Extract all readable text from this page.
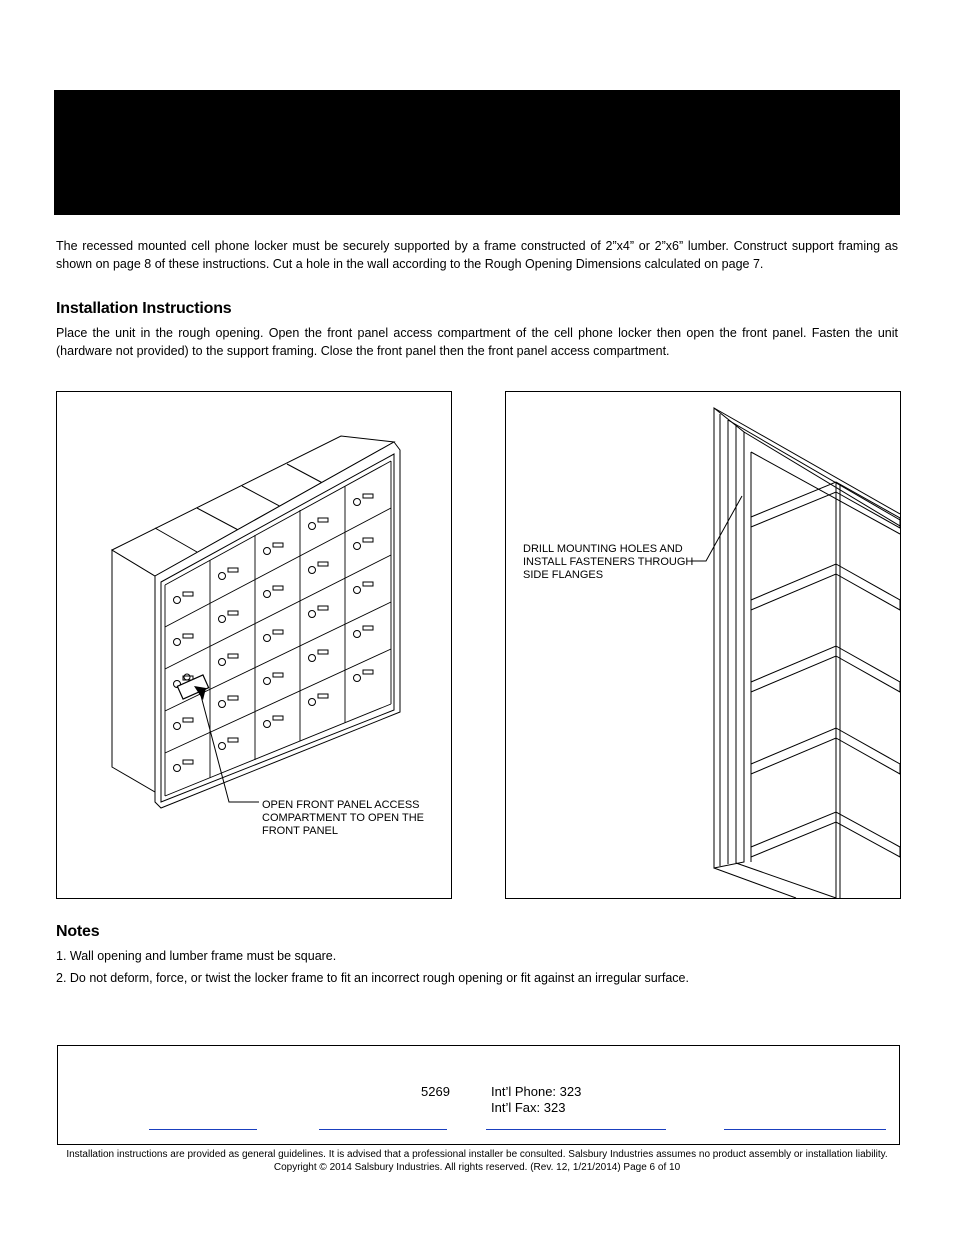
The recessed mounted cell phone locker must be securely supported by a frame constructed of 2”x4” or 2”x6” lumber. Construct support framing as shown on page 8 of these instructions. Cut a hole in the wall according to the Rough Opening Dimensions calculated on page 7.
Installation Instructions
Place the unit in the rough opening. Open the front panel access compartment of the cell phone locker then open the front panel. Fasten the unit (hardware not provided) to the support framing. Close the front panel then the front panel access compartment.
OPEN FRONT PANEL ACCESS
COMPARTMENT TO OPEN THE
FRONT PANEL
DRILL MOUNTING HOLES AND
INSTALL FASTENERS THROUGH
SIDE FLANGES
Notes
1. Wall opening and lumber frame must be square.
2. Do not deform, force, or twist the locker frame to fit an incorrect rough opening or fit against an irregular surface.
5269	Int’l Phone: 323
Int’l Fax: 323
Installation instructions are provided as general guidelines. It is advised that a professional installer be consulted. Salsbury Industries assumes no product assembly or installation liability.
Copyright © 2014 Salsbury Industries. All rights reserved. (Rev. 12, 1/21/2014) Page 6 of 10
